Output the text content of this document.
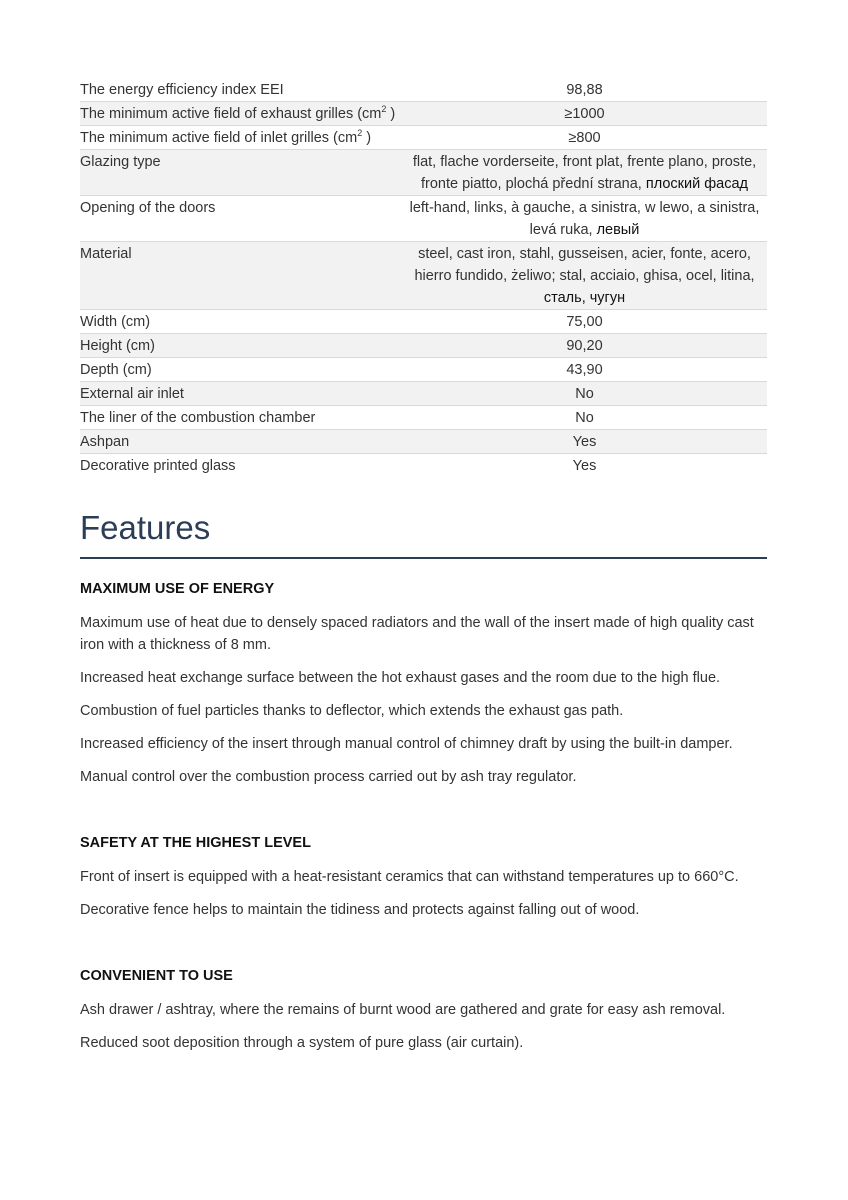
The energy efficiency index EEI	98,88
The minimum active field of exhaust grilles ($cm^2$ )	≥1000
The minimum active field of inlet grilles ($cm^2$ )	≥800
Glazing type	flat, flache vorderseite, front plat, frente plano, proste, fronte piatto, plochá přední strana, плоский фасад
Opening of the doors	left-hand, links, à gauche, a sinistra, w lewo, a sinistra, levá ruka, левый
Material	steel, cast iron, stahl, gusseisen, acier, fonte, acero, hierro fundido, żeliwo; stal, acciaio, ghisa, ocel, litina, сталь, чугун
Width (cm)	75,00
Height (cm)	90,20
Depth (cm)	43,90
External air inlet	No
The liner of the combustion chamber	No
Ashpan	Yes
Decorative printed glass	Yes
Features
MAXIMUM USE OF ENERGY

Maximum use of heat due to densely spaced radiators and the wall of the insert made of high quality cast iron with a thickness of 8 mm.

Increased heat exchange surface between the hot exhaust gases and the room due to the high flue.

Combustion of fuel particles thanks to deflector, which extends the exhaust gas path.

Increased efficiency of the insert through manual control of chimney draft by using the built-in damper.

Manual control over the combustion process carried out by ash tray regulator.

SAFETY AT THE HIGHEST LEVEL

Front of insert is equipped with a heat-resistant ceramics that can withstand temperatures up to 660°C.

Decorative fence helps to maintain the tidiness and protects against falling out of wood.

CONVENIENT TO USE

Ash drawer / ashtray, where the remains of burnt wood are gathered and grate for easy ash removal.

Reduced soot deposition through a system of pure glass (air curtain).
